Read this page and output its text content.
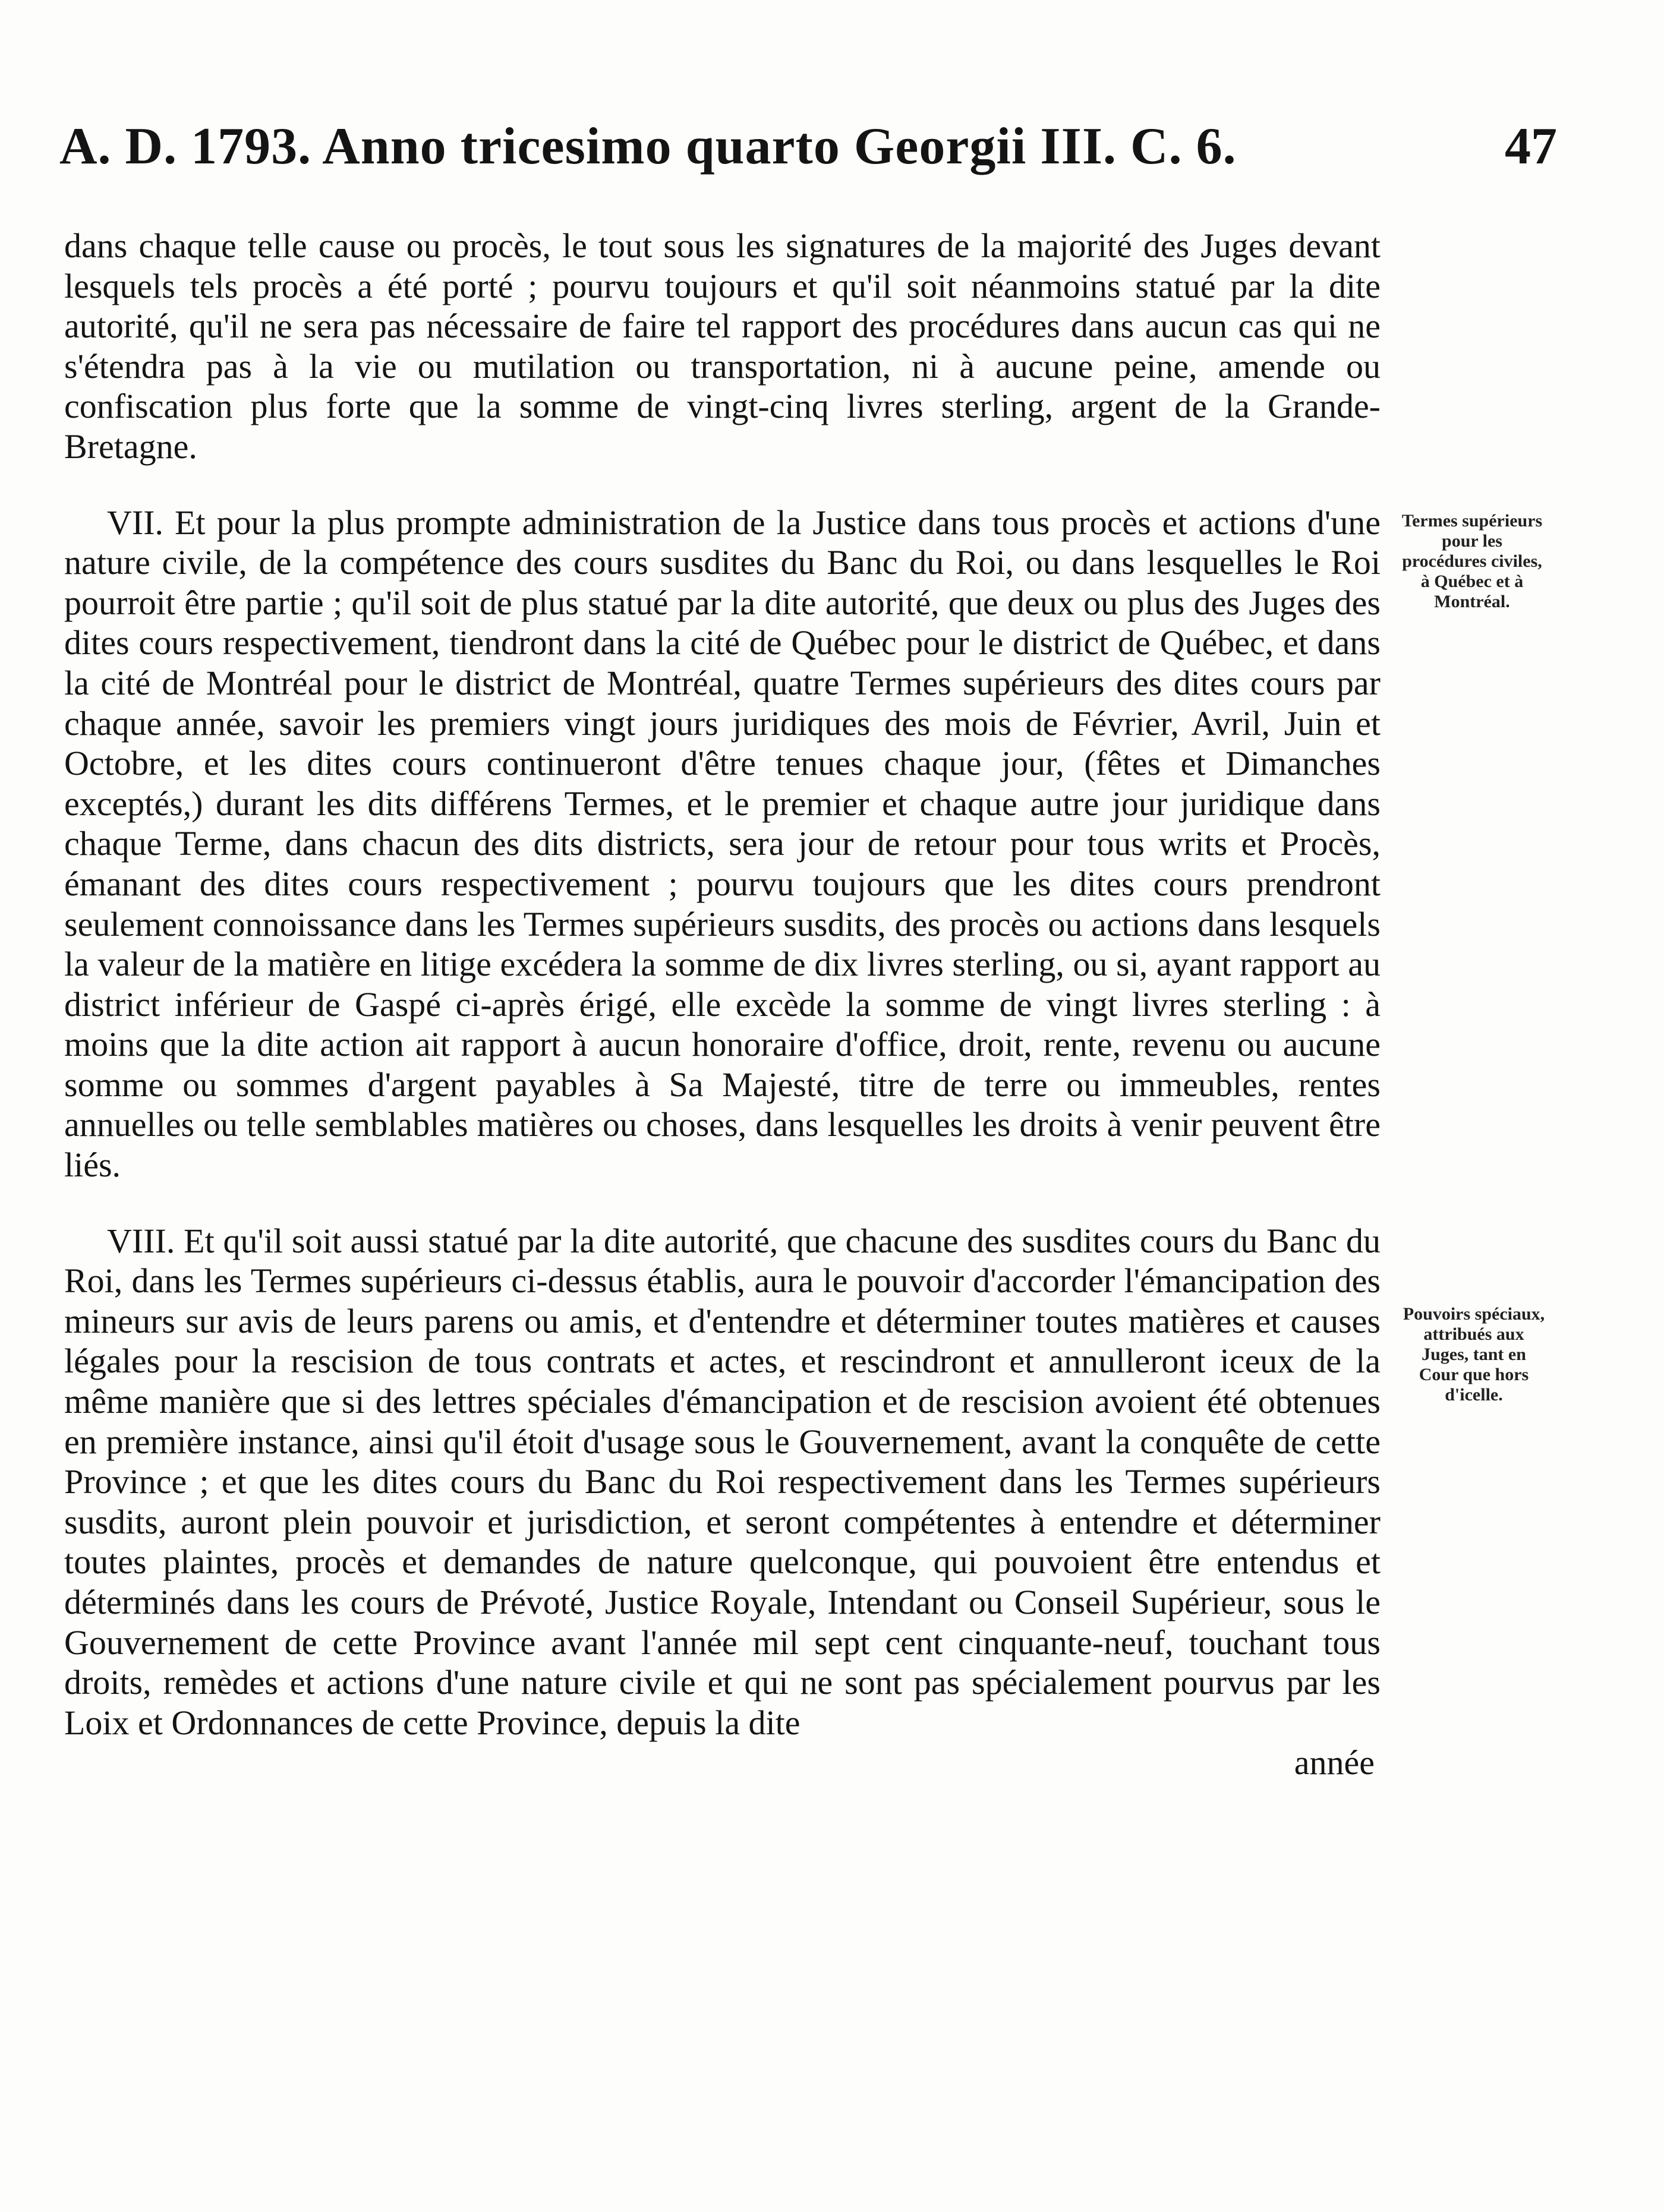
A. D. 1793. Anno tricesimo quarto Georgii III. C. 6.	47

dans chaque telle cause ou procès, le tout sous les signatures de la majorité des Juges devant lesquels tels procès a été porté ; pourvu toujours et qu'il soit néanmoins statué par la dite autorité, qu'il ne sera pas nécessaire de faire tel rapport des procédures dans aucun cas qui ne s'étendra pas à la vie ou mutilation ou transportation, ni à aucune peine, amende ou confiscation plus forte que la somme de vingt-cinq livres sterling, argent de la Grande-Bretagne.

VII. Et pour la plus prompte administration de la Justice dans tous procès et actions d'une nature civile, de la compétence des cours susdites du Banc du Roi, ou dans lesquelles le Roi pourroit être partie ; qu'il soit de plus statué par la dite autorité, que deux ou plus des Juges des dites cours respectivement, tiendront dans la cité de Québec pour le district de Québec, et dans la cité de Montréal pour le district de Montréal, quatre Termes supérieurs des dites cours par chaque année, savoir les premiers vingt jours juridiques des mois de Février, Avril, Juin et Octobre, et les dites cours continueront d'être tenues chaque jour, (fêtes et Dimanches exceptés,) durant les dits différens Termes, et le premier et chaque autre jour juridique dans chaque Terme, dans chacun des dits districts, sera jour de retour pour tous writs et Procès, émanant des dites cours respectivement ; pourvu toujours que les dites cours prendront seulement connoissance dans les Termes supérieurs susdits, des procès ou actions dans lesquels la valeur de la matière en litige excédera la somme de dix livres sterling, ou si, ayant rapport au district inférieur de Gaspé ci-après érigé, elle excède la somme de vingt livres sterling : à moins que la dite action ait rapport à aucun honoraire d'office, droit, rente, revenu ou aucune somme ou sommes d'argent payables à Sa Majesté, titre de terre ou immeubles, rentes annuelles ou telle semblables matières ou choses, dans lesquelles les droits à venir peuvent être liés.

VIII. Et qu'il soit aussi statué par la dite autorité, que chacune des susdites cours du Banc du Roi, dans les Termes supérieurs ci-dessus établis, aura le pouvoir d'accorder l'émancipation des mineurs sur avis de leurs parens ou amis, et d'entendre et déterminer toutes matières et causes légales pour la rescision de tous contrats et actes, et rescindront et annulleront iceux de la même manière que si des lettres spéciales d'émancipation et de rescision avoient été obtenues en première instance, ainsi qu'il étoit d'usage sous le Gouvernement, avant la conquête de cette Province ; et que les dites cours du Banc du Roi respectivement dans les Termes supérieurs susdits, auront plein pouvoir et jurisdiction, et seront compétentes à entendre et déterminer toutes plaintes, procès et demandes de nature quelconque, qui pouvoient être entendus et déterminés dans les cours de Prévoté, Justice Royale, Intendant ou Conseil Supérieur, sous le Gouvernement de cette Province avant l'année mil sept cent cinquante-neuf, touchant tous droits, remèdes et actions d'une nature civile et qui ne sont pas spécialement pourvus par les Loix et Ordonnances de cette Province, depuis la dite

année

Termes supérieurs pour les procédures civiles, à Québec et à Montréal.
Pouvoirs spéciaux, attribués aux Juges, tant en Cour que hors d'icelle.
